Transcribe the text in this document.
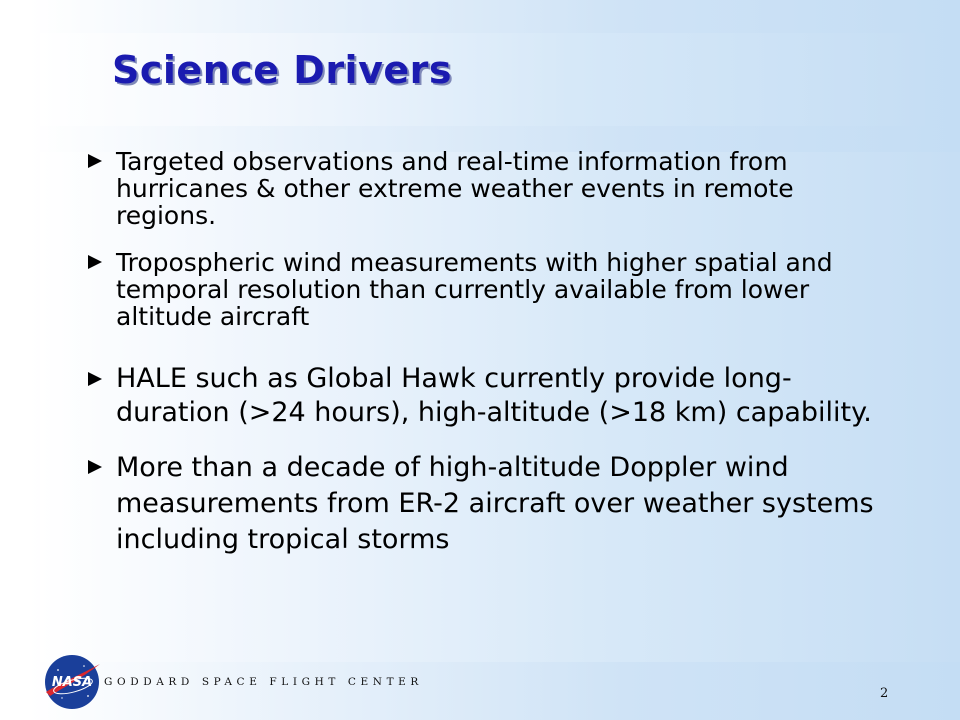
Science Drivers
Targeted observations and real-time information from hurricanes & other extreme weather events in remote regions.
Tropospheric wind measurements with higher spatial and temporal resolution than currently available from lower altitude aircraft
HALE such as Global Hawk currently provide long-duration (>24 hours), high-altitude (>18 km) capability.
More than a decade of high-altitude Doppler wind measurements from ER-2 aircraft over weather systems including tropical storms
NASA GODDARD SPACE FLIGHT CENTER
2
